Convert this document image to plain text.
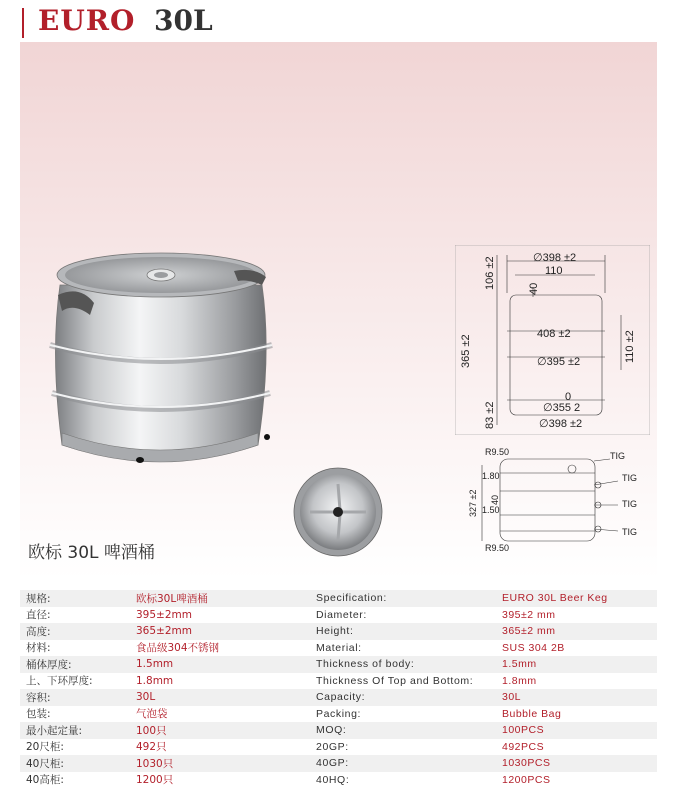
EURO 30L
∅398 ±2
110
40
106 ±2
408 ±2
365 ±2	110 ±2
∅395 ±2
0
∅355 2
83 ±2	∅398 ±2
R9.50	TIG
TIG
TIG
TIG
1.80
40
1.50
327 ±2
R9.50
欧标 30L 啤酒桶
规格:	欧标30L啤酒桶	Specification:	EURO 30L Beer Keg
直径:	395±2mm	Diameter:	395±2 mm
高度:	365±2mm	Height:	365±2 mm
材料:	食品级304不锈钢	Material:	SUS 304 2B
桶体厚度:	1.5mm	Thickness of body:	1.5mm
上、下环厚度:	1.8mm	Thickness Of Top and Bottom:	1.8mm
容积:	30L	Capacity:	30L
包装:	气泡袋	Packing:	Bubble Bag
最小起定量:	100只	MOQ:	100PCS
20尺柜:	492只	20GP:	492PCS
40尺柜:	1030只	40GP:	1030PCS
40高柜:	1200只	40HQ:	1200PCS
